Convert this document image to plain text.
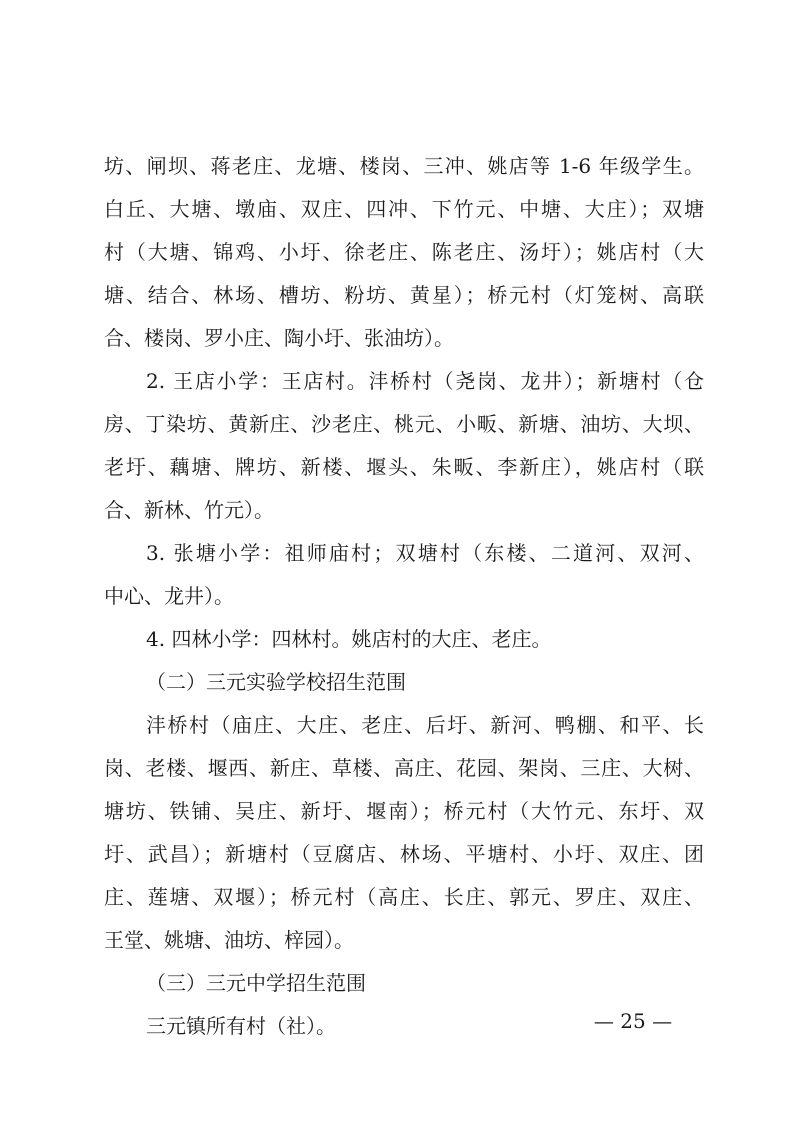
坊、闸坝、蒋老庄、龙塘、楼岗、三冲、姚店等 1-6 年级学生。
白丘、大塘、墩庙、双庄、四冲、下竹元、中塘、大庄）；双塘
村（大塘、锦鸡、小圩、徐老庄、陈老庄、汤圩）；姚店村（大
塘、结合、林场、槽坊、粉坊、黄星）；桥元村（灯笼树、高联
合、楼岗、罗小庄、陶小圩、张油坊）。
2. 王店小学：王店村。沣桥村（尧岗、龙井）；新塘村（仓
房、丁染坊、黄新庄、沙老庄、桃元、小畈、新塘、油坊、大坝、
老圩、藕塘、牌坊、新楼、堰头、朱畈、李新庄），姚店村（联
合、新林、竹元）。
3. 张塘小学：祖师庙村；双塘村（东楼、二道河、双河、
中心、龙井）。
4. 四林小学：四林村。姚店村的大庄、老庄。
（二）三元实验学校招生范围
沣桥村（庙庄、大庄、老庄、后圩、新河、鸭棚、和平、长
岗、老楼、堰西、新庄、草楼、高庄、花园、架岗、三庄、大树、
塘坊、铁铺、吴庄、新圩、堰南）；桥元村（大竹元、东圩、双
圩、武昌）；新塘村（豆腐店、林场、平塘村、小圩、双庄、团
庄、莲塘、双堰）；桥元村（高庄、长庄、郭元、罗庄、双庄、
王堂、姚塘、油坊、梓园）。
（三）三元中学招生范围
三元镇所有村（社）。	— 25 —
